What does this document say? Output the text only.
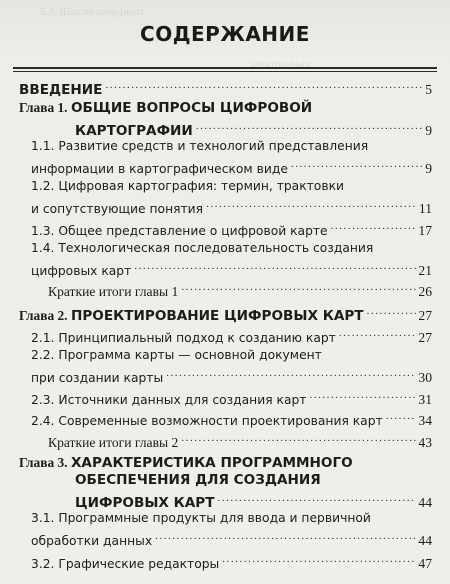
5.3. Шкалы координат
электронных
СОДЕРЖАНИЕ
ВВЕДЕНИЕ . . .	5
Глава 1. ОБЩИЕ ВОПРОСЫ ЦИФРОВОЙ
КАРТОГРАФИИ . . .	9
1.1. Развитие средств и технологий представления
информации в картографическом виде . . .	9
1.2. Цифровая картография: термин, трактовки
и сопутствующие понятия . . .	11
1.3. Общее представление о цифровой карте . . .	17
1.4. Технологическая последовательность создания
цифровых карт . . .	21
Краткие итоги главы 1 . . .	26
Глава 2. ПРОЕКТИРОВАНИЕ ЦИФРОВЫХ КАРТ . . .	27
2.1. Принципиальный подход к созданию карт . . .	27
2.2. Программа карты — основной документ
при создании карты . . .	30
2.3. Источники данных для создания карт . . .	31
2.4. Современные возможности проектирования карт . . .	34
Краткие итоги главы 2 . . .	43
Глава 3. ХАРАКТЕРИСТИКА ПРОГРАММНОГО
ОБЕСПЕЧЕНИЯ ДЛЯ СОЗДАНИЯ
ЦИФРОВЫХ КАРТ . . .	44
3.1. Программные продукты для ввода и первичной
обработки данных . . .	44
3.2. Графические редакторы . . .	47
